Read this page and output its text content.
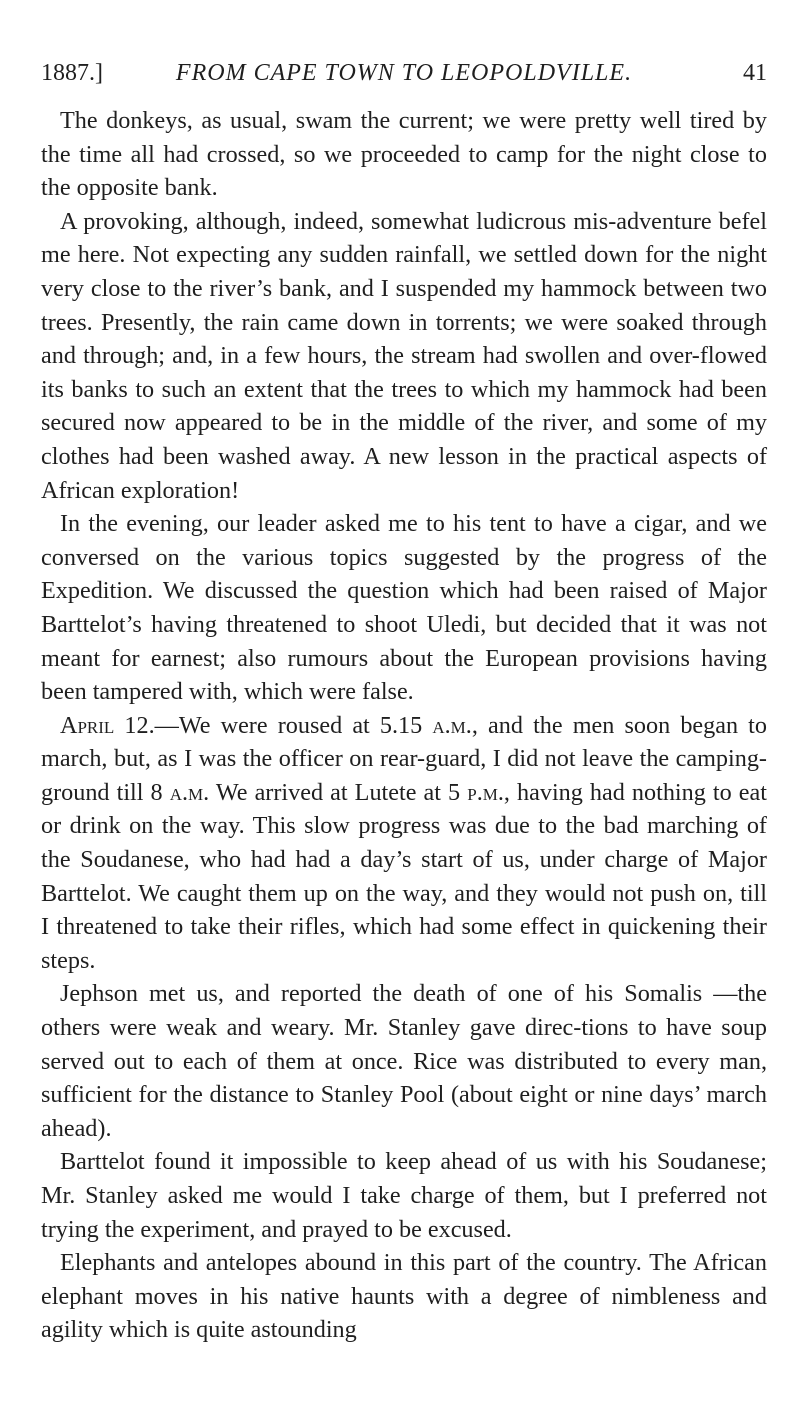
1887.]	FROM CAPE TOWN TO LEOPOLDVILLE.	41

The donkeys, as usual, swam the current; we were pretty well tired by the time all had crossed, so we proceeded to camp for the night close to the opposite bank.

A provoking, although, indeed, somewhat ludicrous mis-adventure befel me here. Not expecting any sudden rainfall, we settled down for the night very close to the river’s bank, and I suspended my hammock between two trees. Presently, the rain came down in torrents; we were soaked through and through; and, in a few hours, the stream had swollen and over-flowed its banks to such an extent that the trees to which my hammock had been secured now appeared to be in the middle of the river, and some of my clothes had been washed away. A new lesson in the practical aspects of African exploration!

In the evening, our leader asked me to his tent to have a cigar, and we conversed on the various topics suggested by the progress of the Expedition. We discussed the question which had been raised of Major Barttelot’s having threatened to shoot Uledi, but decided that it was not meant for earnest; also rumours about the European provisions having been tampered with, which were false.

April 12.—We were roused at 5.15 a.m., and the men soon began to march, but, as I was the officer on rear-guard, I did not leave the camping-ground till 8 a.m. We arrived at Lutete at 5 p.m., having had nothing to eat or drink on the way. This slow progress was due to the bad marching of the Soudanese, who had had a day’s start of us, under charge of Major Barttelot. We caught them up on the way, and they would not push on, till I threatened to take their rifles, which had some effect in quickening their steps.

Jephson met us, and reported the death of one of his Somalis —the others were weak and weary. Mr. Stanley gave direc-tions to have soup served out to each of them at once. Rice was distributed to every man, sufficient for the distance to Stanley Pool (about eight or nine days’ march ahead).

Barttelot found it impossible to keep ahead of us with his Soudanese; Mr. Stanley asked me would I take charge of them, but I preferred not trying the experiment, and prayed to be excused.

Elephants and antelopes abound in this part of the country. The African elephant moves in his native haunts with a degree of nimbleness and agility which is quite astounding
